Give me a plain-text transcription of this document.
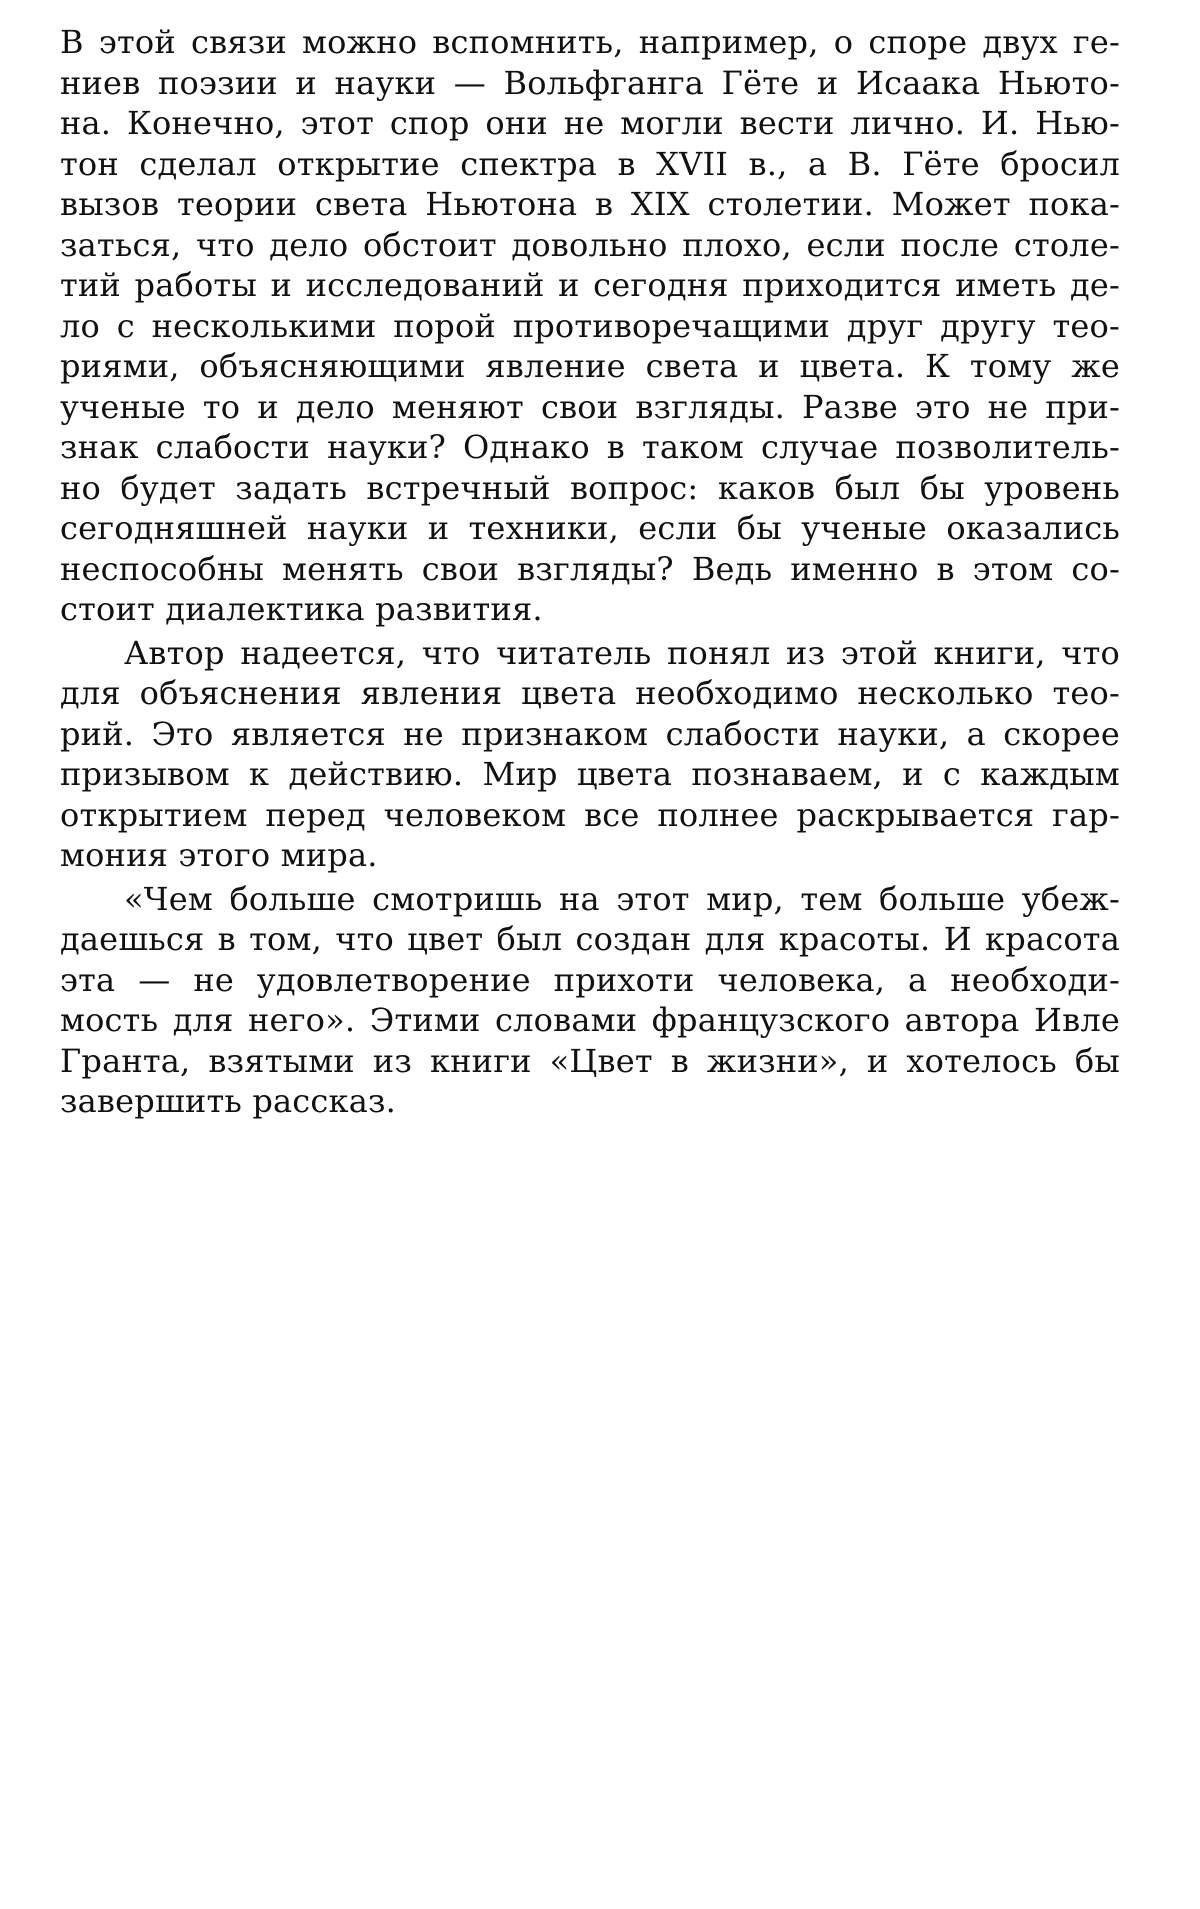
В этой связи можно вспомнить, например, о споре двух ге-
ниев поэзии и науки — Вольфганга Гёте и Исаака Ньюто-
на. Конечно, этот спор они не могли вести лично. И. Нью-
тон сделал открытие спектра в XVII в., а В. Гёте бросил
вызов теории света Ньютона в XIX столетии. Может пока-
заться, что дело обстоит довольно плохо, если после столе-
тий работы и исследований и сегодня приходится иметь де-
ло с несколькими порой противоречащими друг другу тео-
риями, объясняющими явление света и цвета. К тому же
ученые то и дело меняют свои взгляды. Разве это не при-
знак слабости науки? Однако в таком случае позволитель-
но будет задать встречный вопрос: каков был бы уровень
сегодняшней науки и техники, если бы ученые оказались
неспособны менять свои взгляды? Ведь именно в этом со-
стоит диалектика развития.
Автор надеется, что читатель понял из этой книги, что
для объяснения явления цвета необходимо несколько тео-
рий. Это является не признаком слабости науки, а скорее
призывом к действию. Мир цвета познаваем, и с каждым
открытием перед человеком все полнее раскрывается гар-
мония этого мира.
«Чем больше смотришь на этот мир, тем больше убеж-
даешься в том, что цвет был создан для красоты. И красота
эта — не удовлетворение прихоти человека, а необходи-
мость для него». Этими словами французского автора Ивле
Гранта, взятыми из книги «Цвет в жизни», и хотелось бы
завершить рассказ.
